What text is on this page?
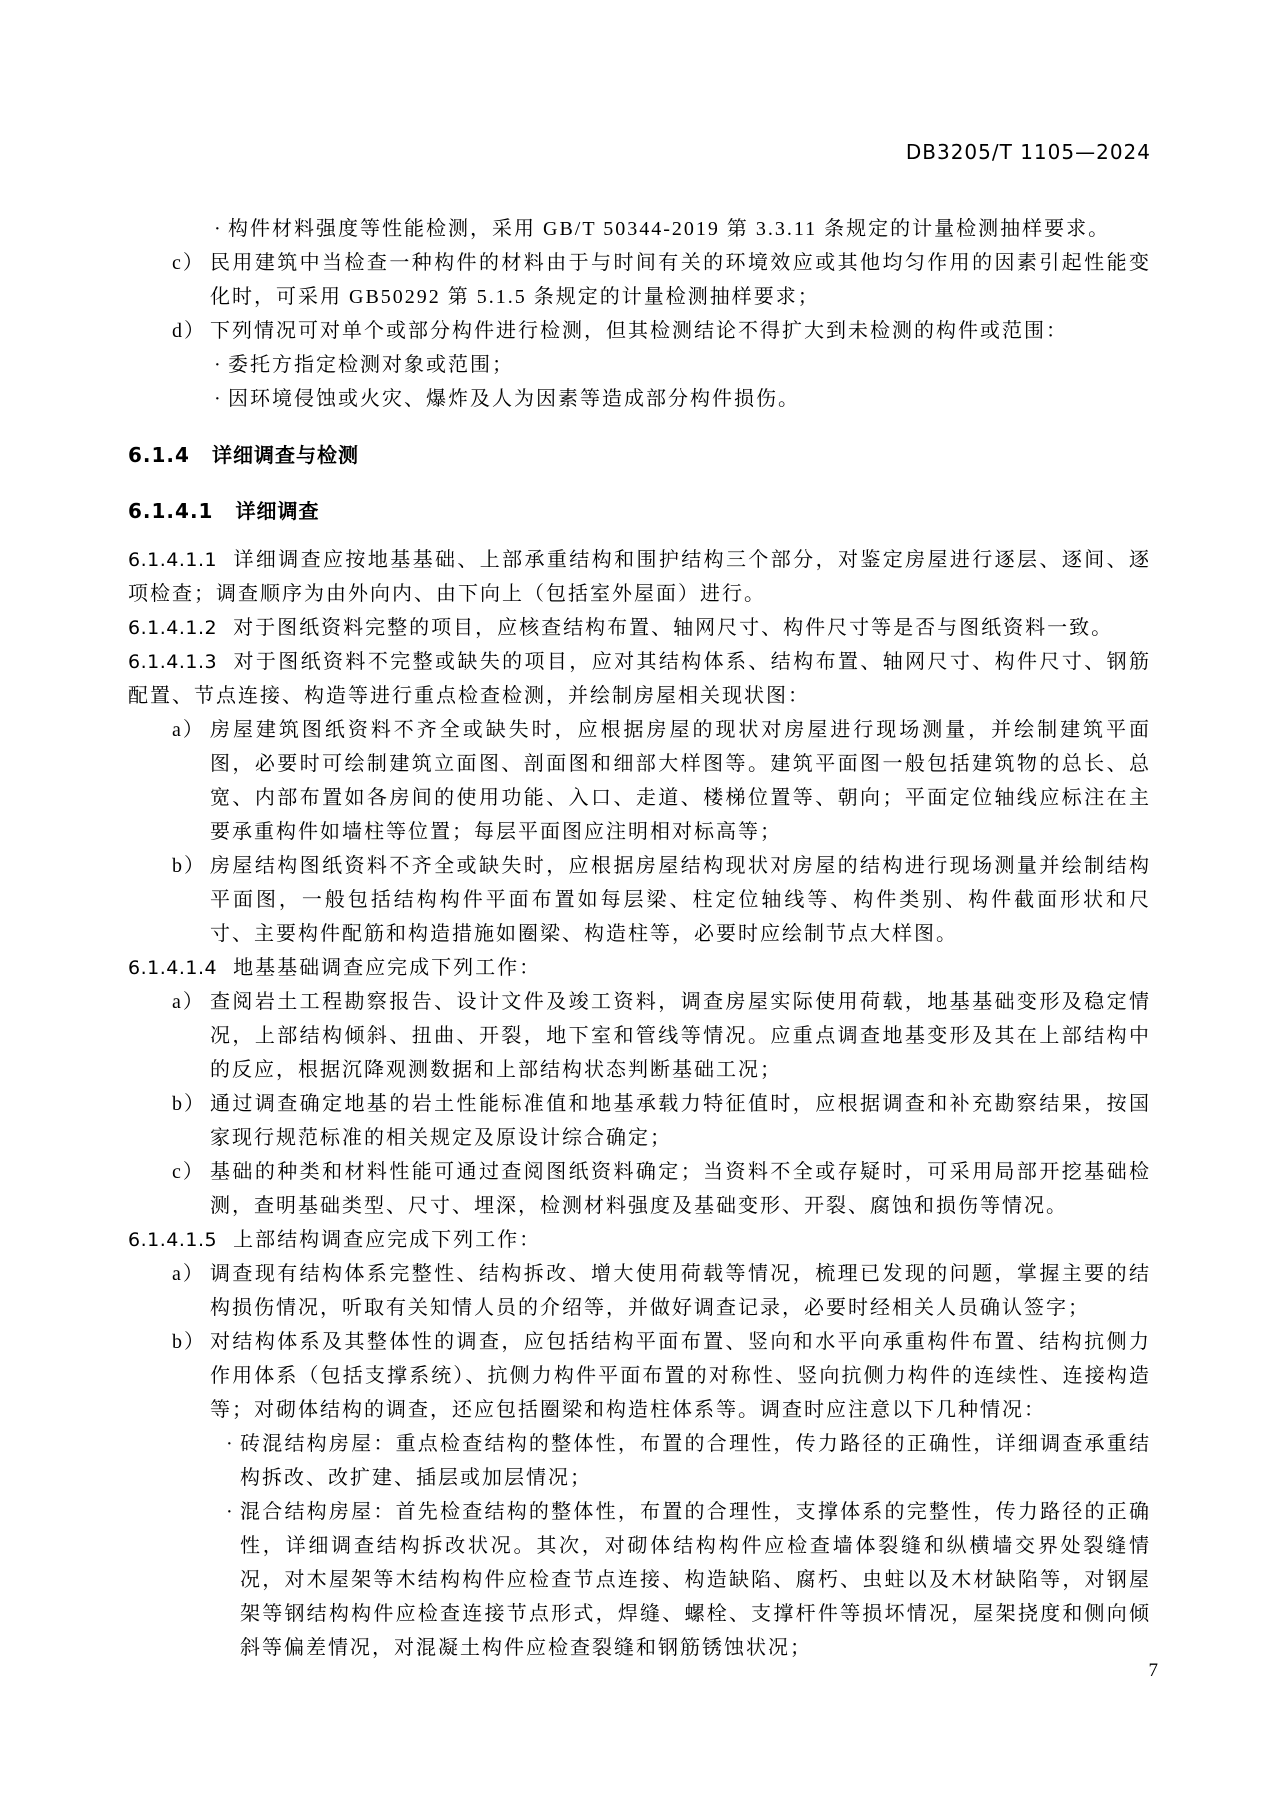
DB3205/T 1105—2024
· 构件材料强度等性能检测，采用 GB/T 50344-2019 第 3.3.11 条规定的计量检测抽样要求。
c） 民用建筑中当检查一种构件的材料由于与时间有关的环境效应或其他均匀作用的因素引起性能变化时，可采用 GB50292 第 5.1.5 条规定的计量检测抽样要求；
d） 下列情况可对单个或部分构件进行检测，但其检测结论不得扩大到未检测的构件或范围：
· 委托方指定检测对象或范围；
· 因环境侵蚀或火灾、爆炸及人为因素等造成部分构件损伤。
6.1.4 详细调查与检测
6.1.4.1 详细调查
6.1.4.1.1 详细调查应按地基基础、上部承重结构和围护结构三个部分，对鉴定房屋进行逐层、逐间、逐项检查；调查顺序为由外向内、由下向上（包括室外屋面）进行。
6.1.4.1.2 对于图纸资料完整的项目，应核查结构布置、轴网尺寸、构件尺寸等是否与图纸资料一致。
6.1.4.1.3 对于图纸资料不完整或缺失的项目，应对其结构体系、结构布置、轴网尺寸、构件尺寸、钢筋配置、节点连接、构造等进行重点检查检测，并绘制房屋相关现状图：
a） 房屋建筑图纸资料不齐全或缺失时，应根据房屋的现状对房屋进行现场测量，并绘制建筑平面图，必要时可绘制建筑立面图、剖面图和细部大样图等。建筑平面图一般包括建筑物的总长、总宽、内部布置如各房间的使用功能、入口、走道、楼梯位置等、朝向；平面定位轴线应标注在主要承重构件如墙柱等位置；每层平面图应注明相对标高等；
b） 房屋结构图纸资料不齐全或缺失时，应根据房屋结构现状对房屋的结构进行现场测量并绘制结构平面图，一般包括结构构件平面布置如每层梁、柱定位轴线等、构件类别、构件截面形状和尺寸、主要构件配筋和构造措施如圈梁、构造柱等，必要时应绘制节点大样图。
6.1.4.1.4 地基基础调查应完成下列工作：
a） 查阅岩土工程勘察报告、设计文件及竣工资料，调查房屋实际使用荷载，地基基础变形及稳定情况，上部结构倾斜、扭曲、开裂，地下室和管线等情况。应重点调查地基变形及其在上部结构中的反应，根据沉降观测数据和上部结构状态判断基础工况；
b） 通过调查确定地基的岩土性能标准值和地基承载力特征值时，应根据调查和补充勘察结果，按国家现行规范标准的相关规定及原设计综合确定；
c） 基础的种类和材料性能可通过查阅图纸资料确定；当资料不全或存疑时，可采用局部开挖基础检测，查明基础类型、尺寸、埋深，检测材料强度及基础变形、开裂、腐蚀和损伤等情况。
6.1.4.1.5 上部结构调查应完成下列工作：
a） 调查现有结构体系完整性、结构拆改、增大使用荷载等情况，梳理已发现的问题，掌握主要的结构损伤情况，听取有关知情人员的介绍等，并做好调查记录，必要时经相关人员确认签字；
b） 对结构体系及其整体性的调查，应包括结构平面布置、竖向和水平向承重构件布置、结构抗侧力作用体系（包括支撑系统）、抗侧力构件平面布置的对称性、竖向抗侧力构件的连续性、连接构造等；对砌体结构的调查，还应包括圈梁和构造柱体系等。调查时应注意以下几种情况：
· 砖混结构房屋：重点检查结构的整体性，布置的合理性，传力路径的正确性，详细调查承重结构拆改、改扩建、插层或加层情况；
· 混合结构房屋：首先检查结构的整体性，布置的合理性，支撑体系的完整性，传力路径的正确性，详细调查结构拆改状况。其次，对砌体结构构件应检查墙体裂缝和纵横墙交界处裂缝情况，对木屋架等木结构构件应检查节点连接、构造缺陷、腐朽、虫蛀以及木材缺陷等，对钢屋架等钢结构构件应检查连接节点形式，焊缝、螺栓、支撑杆件等损坏情况，屋架挠度和侧向倾斜等偏差情况，对混凝土构件应检查裂缝和钢筋锈蚀状况；
7
